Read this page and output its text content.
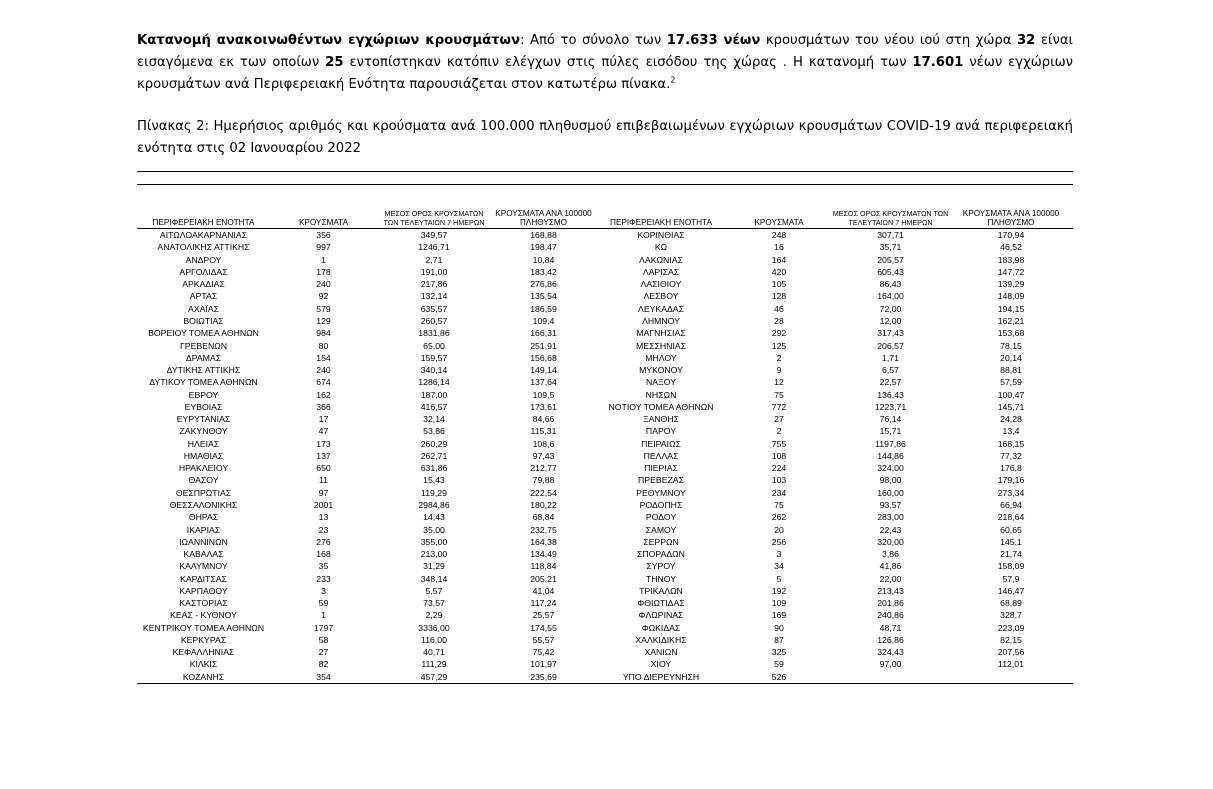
Κατανομή ανακοινωθέντων εγχώριων κρουσμάτων: Από το σύνολο των 17.633 νέων κρουσμάτων του νέου ιού στη χώρα 32 είναι εισαγόμενα εκ των οποίων 25 εντοπίστηκαν κατόπιν ελέγχων στις πύλες εισόδου της χώρας . Η κατανομή των 17.601 νέων εγχώριων κρουσμάτων ανά Περιφερειακή Ενότητα παρουσιάζεται στον κατωτέρω πίνακα.$^2$
Πίνακας 2: Ημερήσιος αριθμός και κρούσματα ανά 100.000 πληθυσμού επιβεβαιωμένων εγχώριων κρουσμάτων COVID-19 ανά περιφερειακή ενότητα στις 02 Ιανουαρίου 2022
ΠΕΡΙΦΕΡΕΙΑΚΗ ΕΝΟΤΗΤΑ	ΚΡΟΥΣΜΑΤΑ	ΜΕΣΟΣ ΟΡΟΣ ΚΡΟΥΣΜΑΤΩΝ ΤΩΝ ΤΕΛΕΥΤΑΙΩΝ 7 ΗΜΕΡΩΝ	ΚΡΟΥΣΜΑΤΑ ΑΝΑ 100000 ΠΛΗΘΥΣΜΟ	ΠΕΡΙΦΕΡΕΙΑΚΗ ΕΝΟΤΗΤΑ	ΚΡΟΥΣΜΑΤΑ	ΜΕΣΟΣ ΟΡΟΣ ΚΡΟΥΣΜΑΤΩΝ ΤΩΝ ΤΕΛΕΥΤΑΙΩΝ 7 ΗΜΕΡΩΝ	ΚΡΟΥΣΜΑΤΑ ΑΝΑ 100000 ΠΛΗΘΥΣΜΟ
ΑΙΤΩΛΟΑΚΑΡΝΑΝΙΑΣ	356	349,57	168,88	ΚΟΡΙΝΘΙΑΣ	248	307,71	170,94
ΑΝΑΤΟΛΙΚΗΣ ΑΤΤΙΚΗΣ	997	1246,71	198,47	ΚΩ	16	35,71	46,52
ΑΝΔΡΟΥ	1	2,71	10,84	ΛΑΚΩΝΙΑΣ	164	205,57	183,98
ΑΡΓΟΛΙΔΑΣ	178	191,00	183,42	ΛΑΡΙΣΑΣ	420	605,43	147,72
ΑΡΚΑΔΙΑΣ	240	217,86	276,86	ΛΑΣΙΘΙΟΥ	105	86,43	139,29
ΑΡΤΑΣ	92	132,14	135,54	ΛΕΣΒΟΥ	128	164,00	148,09
ΑΧΑΪΑΣ	579	635,57	186,59	ΛΕΥΚΑΔΑΣ	46	72,00	194,15
ΒΟΙΩΤΙΑΣ	129	260,57	109,4	ΛΗΜΝΟΥ	28	12,00	162,21
ΒΟΡΕΙΟΥ ΤΟΜΕΑ ΑΘΗΝΩΝ	984	1831,86	166,31	ΜΑΓΝΗΣΙΑΣ	292	317,43	153,68
ΓΡΕΒΕΝΩΝ	80	65,00	251,91	ΜΕΣΣΗΝΙΑΣ	125	206,57	78,15
ΔΡΑΜΑΣ	154	159,57	156,68	ΜΗΛΟΥ	2	1,71	20,14
ΔΥΤΙΚΗΣ ΑΤΤΙΚΗΣ	240	340,14	149,14	ΜΥΚΟΝΟΥ	9	6,57	88,81
ΔΥΤΙΚΟΥ ΤΟΜΕΑ ΑΘΗΝΩΝ	674	1286,14	137,64	ΝΑΞΟΥ	12	22,57	57,59
ΕΒΡΟΥ	162	187,00	109,5	ΝΗΣΩΝ	75	136,43	100,47
ΕΥΒΟΙΑΣ	366	416,57	173,61	ΝΟΤΙΟΥ ΤΟΜΕΑ ΑΘΗΝΩΝ	772	1223,71	145,71
ΕΥΡΥΤΑΝΙΑΣ	17	32,14	84,66	ΞΑΝΘΗΣ	27	76,14	24,28
ΖΑΚΥΝΘΟΥ	47	53,86	115,31	ΠΑΡΟΥ	2	15,71	13,4
ΗΛΕΙΑΣ	173	260,29	108,6	ΠΕΙΡΑΙΩΣ	755	1197,86	168,15
ΗΜΑΘΙΑΣ	137	262,71	97,43	ΠΕΛΛΑΣ	108	144,86	77,32
ΗΡΑΚΛΕΙΟΥ	650	631,86	212,77	ΠΙΕΡΙΑΣ	224	324,00	176,8
ΘΑΣΟΥ	11	15,43	79,88	ΠΡΕΒΕΖΑΣ	103	98,00	179,16
ΘΕΣΠΡΩΤΙΑΣ	97	119,29	222,54	ΡΕΘΥΜΝΟΥ	234	160,00	273,34
ΘΕΣΣΑΛΟΝΙΚΗΣ	2001	2984,86	180,22	ΡΟΔΟΠΗΣ	75	93,57	66,94
ΘΗΡΑΣ	13	14,43	68,84	ΡΟΔΟΥ	262	283,00	218,64
ΙΚΑΡΙΑΣ	23	35,00	232,75	ΣΑΜΟΥ	20	22,43	60,65
ΙΩΑΝΝΙΝΩΝ	276	355,00	164,38	ΣΕΡΡΩΝ	256	320,00	145,1
ΚΑΒΑΛΑΣ	168	213,00	134,49	ΣΠΟΡΑΔΩΝ	3	3,86	21,74
ΚΑΛΥΜΝΟΥ	35	31,29	118,84	ΣΥΡΟΥ	34	41,86	158,09
ΚΑΡΔΙΤΣΑΣ	233	348,14	205,21	ΤΗΝΟΥ	5	22,00	57,9
ΚΑΡΠΑΘΟΥ	3	5,57	41,04	ΤΡΙΚΑΛΩΝ	192	213,43	146,47
ΚΑΣΤΟΡΙΑΣ	59	73,57	117,24	ΦΘΙΩΤΙΔΑΣ	109	201,86	68,89
ΚΕΑΣ - ΚΥΘΝΟΥ	1	2,29	25,57	ΦΛΩΡΙΝΑΣ	169	240,86	328,7
ΚΕΝΤΡΙΚΟΥ ΤΟΜΕΑ ΑΘΗΝΩΝ	1797	3336,00	174,55	ΦΩΚΙΔΑΣ	90	48,71	223,09
ΚΕΡΚΥΡΑΣ	58	116,00	55,57	ΧΑΛΚΙΔΙΚΗΣ	87	126,86	82,15
ΚΕΦΑΛΛΗΝΙΑΣ	27	40,71	75,42	ΧΑΝΙΩΝ	325	324,43	207,56
ΚΙΛΚΙΣ	82	111,29	101,97	ΧΙΟΥ	59	97,00	112,01
ΚΟΖΑΝΗΣ	354	457,29	235,69	ΥΠΟ ΔΙΕΡΕΥΝΗΣΗ	526		
